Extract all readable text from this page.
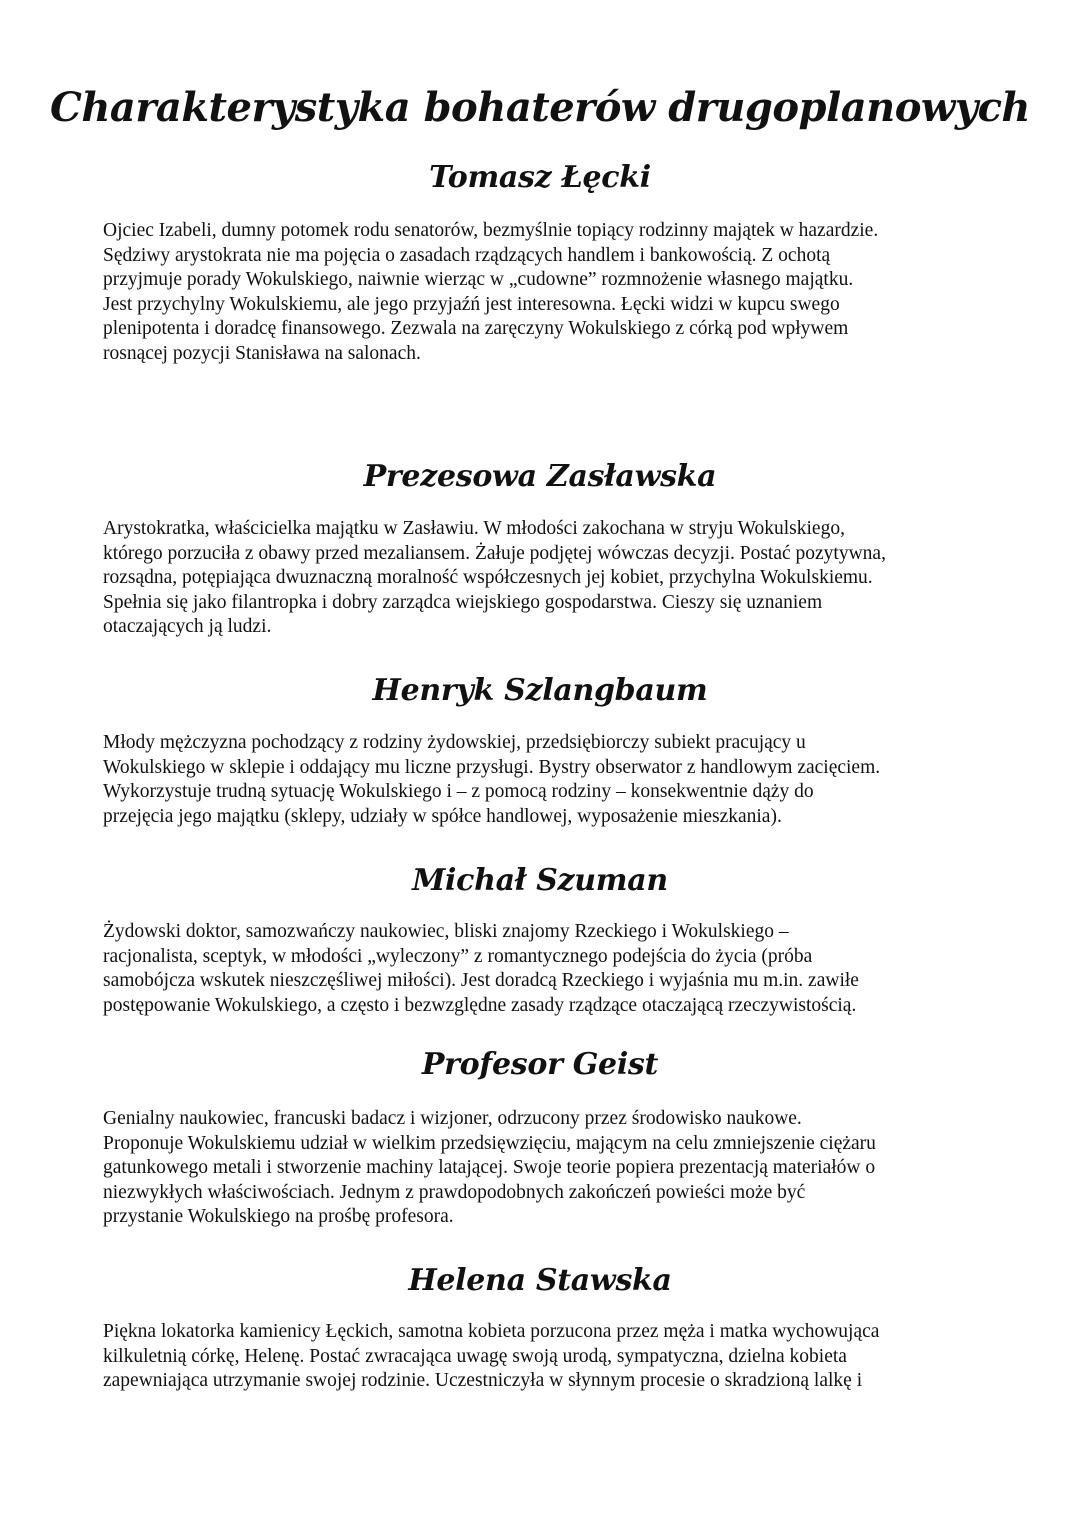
Charakterystyka bohaterów drugoplanowych
Tomasz Łęcki
Ojciec Izabeli, dumny potomek rodu senatorów, bezmyślnie topiący rodzinny majątek w hazardzie.
Sędziwy arystokrata nie ma pojęcia o zasadach rządzących handlem i bankowością. Z ochotą
przyjmuje porady Wokulskiego, naiwnie wierząc w „cudowne” rozmnożenie własnego majątku.
Jest przychylny Wokulskiemu, ale jego przyjaźń jest interesowna. Łęcki widzi w kupcu swego
plenipotenta i doradcę finansowego. Zezwala na zaręczyny Wokulskiego z córką pod wpływem
rosnącej pozycji Stanisława na salonach.
Prezesowa Zasławska
Arystokratka, właścicielka majątku w Zasławiu. W młodości zakochana w stryju Wokulskiego,
którego porzuciła z obawy przed mezaliansem. Żałuje podjętej wówczas decyzji. Postać pozytywna,
rozsądna, potępiająca dwuznaczną moralność współczesnych jej kobiet, przychylna Wokulskiemu.
Spełnia się jako filantropka i dobry zarządca wiejskiego gospodarstwa. Cieszy się uznaniem
otaczających ją ludzi.
Henryk Szlangbaum
Młody mężczyzna pochodzący z rodziny żydowskiej, przedsiębiorczy subiekt pracujący u
Wokulskiego w sklepie i oddający mu liczne przysługi. Bystry obserwator z handlowym zacięciem.
Wykorzystuje trudną sytuację Wokulskiego i – z pomocą rodziny – konsekwentnie dąży do
przejęcia jego majątku (sklepy, udziały w spółce handlowej, wyposażenie mieszkania).
Michał Szuman
Żydowski doktor, samozwańczy naukowiec, bliski znajomy Rzeckiego i Wokulskiego –
racjonalista, sceptyk, w młodości „wyleczony” z romantycznego podejścia do życia (próba
samobójcza wskutek nieszczęśliwej miłości). Jest doradcą Rzeckiego i wyjaśnia mu m.in. zawiłe
postępowanie Wokulskiego, a często i bezwzględne zasady rządzące otaczającą rzeczywistością.
Profesor Geist
Genialny naukowiec, francuski badacz i wizjoner, odrzucony przez środowisko naukowe.
Proponuje Wokulskiemu udział w wielkim przedsięwzięciu, mającym na celu zmniejszenie ciężaru
gatunkowego metali i stworzenie machiny latającej. Swoje teorie popiera prezentacją materiałów o
niezwykłych właściwościach. Jednym z prawdopodobnych zakończeń powieści może być
przystanie Wokulskiego na prośbę profesora.
Helena Stawska
Piękna lokatorka kamienicy Łęckich, samotna kobieta porzucona przez męża i matka wychowująca
kilkuletnią córkę, Helenę. Postać zwracająca uwagę swoją urodą, sympatyczna, dzielna kobieta
zapewniająca utrzymanie swojej rodzinie. Uczestniczyła w słynnym procesie o skradzioną lalkę i
